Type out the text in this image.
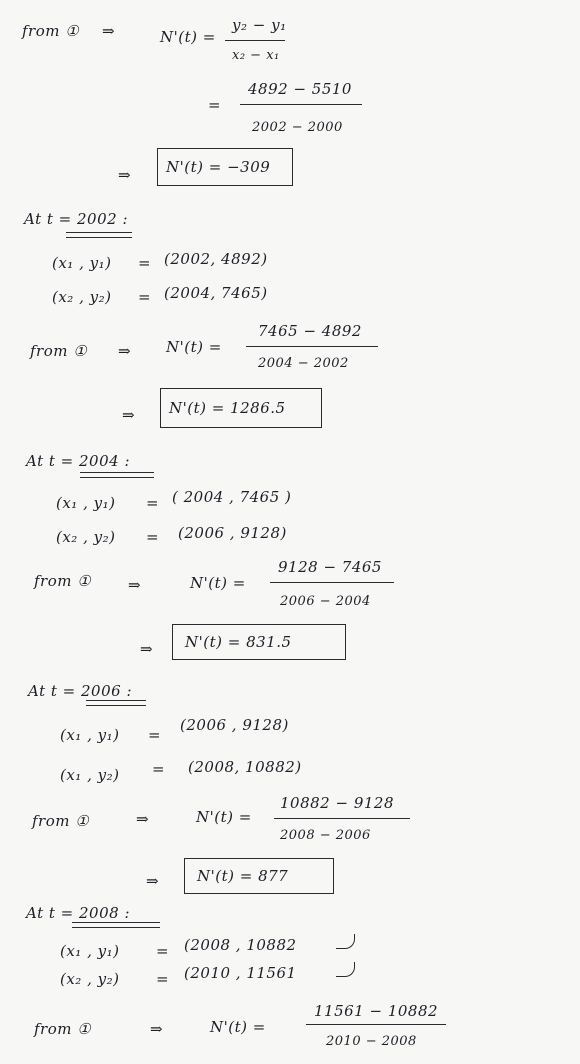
from ① ⇒	N'(t) =
y₂ − y₁
x₂ − x₁
=
4892 − 5510
2002 − 2000
⇒ N'(t) = −309
At t = 2002 :
(x₁ , y₁) = (2002, 4892)
(x₂ , y₂) = (2004, 7465)
from ① ⇒ N'(t) =
7465 − 4892
2004 − 2002
⇒ N'(t) = 1286.5
At t = 2004 :
(x₁ , y₁) = ( 2004 , 7465 )
(x₂ , y₂) = (2006 , 9128)
from ① ⇒	N'(t) =
9128 − 7465
2006 − 2004
⇒ N'(t) = 831.5
At t = 2006 :
(x₁ , y₁) =
(2006 , 9128)
(x₁ , y₂) = (2008, 10882)
from ①	⇒	N'(t) =
10882 − 9128
2008 − 2006
⇒	N'(t) = 877
At t = 2008 :
(x₁ , y₁) = (2008 , 10882
(x₂ , y₂) = (2010 , 11561
from ①	⇒	N'(t) =
11561 − 10882
2010 − 2008
